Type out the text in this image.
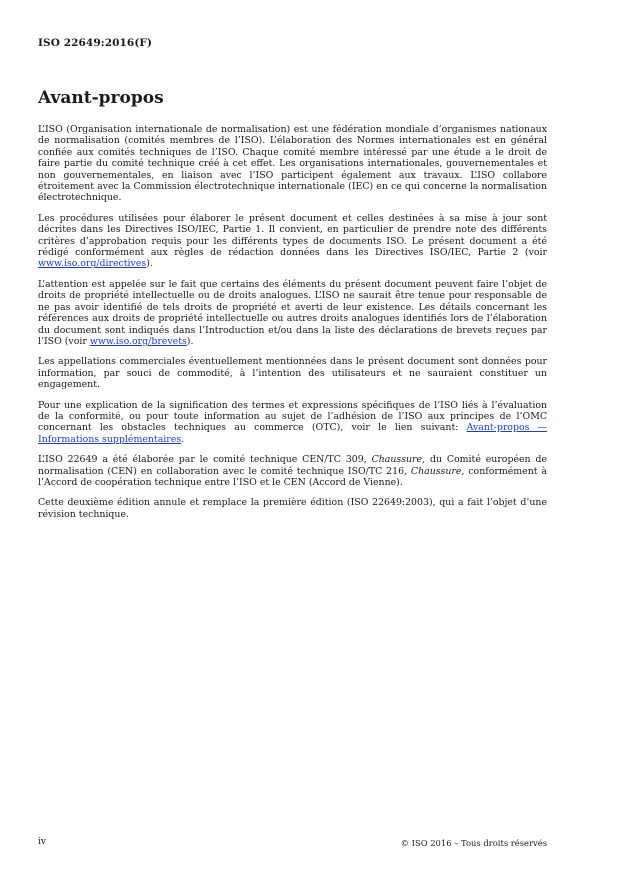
ISO 22649:2016(F)
Avant-propos

L’ISO (Organisation internationale de normalisation) est une fédération mondiale d’organismes nationaux de normalisation (comités membres de l’ISO). L’élaboration des Normes internationales est en général confiée aux comités techniques de l’ISO. Chaque comité membre intéressé par une étude a le droit de faire partie du comité technique créé à cet effet. Les organisations internationales, gouvernementales et non gouvernementales, en liaison avec l’ISO participent également aux travaux. L’ISO collabore étroitement avec la Commission électrotechnique internationale (IEC) en ce qui concerne la normalisation électrotechnique.

Les procédures utilisées pour élaborer le présent document et celles destinées à sa mise à jour sont décrites dans les Directives ISO/IEC, Partie 1. Il convient, en particulier de prendre note des différents critères d’approbation requis pour les différents types de documents ISO. Le présent document a été rédigé conformément aux règles de rédaction données dans les Directives ISO/IEC, Partie 2 (voir www.iso.org/directives).

L’attention est appelée sur le fait que certains des éléments du présent document peuvent faire l’objet de droits de propriété intellectuelle ou de droits analogues. L’ISO ne saurait être tenue pour responsable de ne pas avoir identifié de tels droits de propriété et averti de leur existence. Les détails concernant les références aux droits de propriété intellectuelle ou autres droits analogues identifiés lors de l’élaboration du document sont indiqués dans l’Introduction et/ou dans la liste des déclarations de brevets reçues par l’ISO (voir www.iso.org/brevets).

Les appellations commerciales éventuellement mentionnées dans le présent document sont données pour information, par souci de commodité, à l’intention des utilisateurs et ne sauraient constituer un engagement.

Pour une explication de la signification des termes et expressions spécifiques de l’ISO liés à l’évaluation de la conformité, ou pour toute information au sujet de l’adhésion de l’ISO aux principes de l’OMC concernant les obstacles techniques au commerce (OTC), voir le lien suivant: Avant-propos — Informations supplémentaires.

L’ISO 22649 a été élaborée par le comité technique CEN/TC 309, Chaussure, du Comité européen de normalisation (CEN) en collaboration avec le comité technique ISO/TC 216, Chaussure, conformément à l’Accord de coopération technique entre l’ISO et le CEN (Accord de Vienne).

Cette deuxième édition annule et remplace la première édition (ISO 22649:2003), qui a fait l’objet d’une révision technique.

iv	© ISO 2016 – Tous droits réservés
